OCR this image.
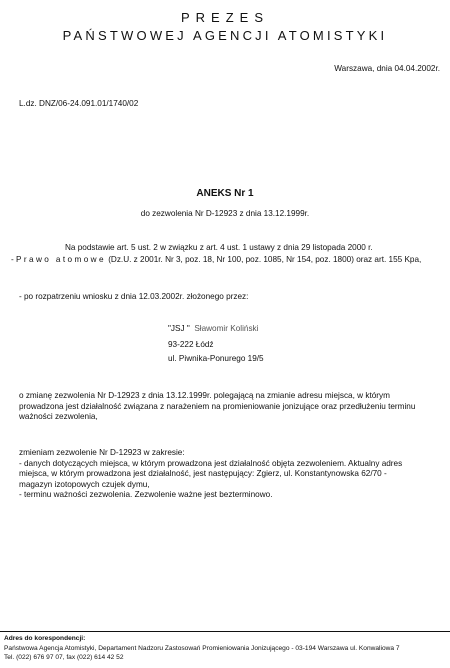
PREZES
PAŃSTWOWEJ AGENCJI ATOMISTYKI
Warszawa, dnia 04.04.2002r.
L.dz. DNZ/06-24.091.01/1740/02
ANEKS Nr 1
do zezwolenia Nr D-12923 z dnia 13.12.1999r.
Na podstawie art. 5 ust. 2 w związku z art. 4 ust. 1 ustawy z dnia 29 listopada 2000 r.
- Prawo atomowe (Dz.U. z 2001r. Nr 3, poz. 18, Nr 100, poz. 1085, Nr 154, poz. 1800) oraz art. 155 Kpa,
- po rozpatrzeniu wniosku z dnia 12.03.2002r. złożonego przez:
"JSJ " Sławomir Koliński
93-222 Łódź
ul. Piwnika-Ponurego 19/5
o zmianę zezwolenia Nr D-12923 z dnia 13.12.1999r. polegającą na zmianie adresu miejsca, w którym
prowadzona jest działalność związana z narażeniem na promieniowanie jonizujące oraz przedłużeniu terminu
ważności zezwolenia,
zmieniam zezwolenie Nr D-12923 w zakresie:
- danych dotyczących miejsca, w którym prowadzona jest działalność objęta zezwoleniem. Aktualny adres
miejsca, w którym prowadzona jest działalność, jest następujący: Zgierz, ul. Konstantynowska 62/70 -
magazyn izotopowych czujek dymu,
- terminu ważności zezwolenia. Zezwolenie ważne jest bezterminowo.
Adres do korespondencji:
Państwowa Agencja Atomistyki, Departament Nadzoru Zastosowań Promieniowania Jonizującego - 03-194 Warszawa ul. Konwaliowa 7
Tel. (022) 676 97 07, fax (022) 614 42 52
